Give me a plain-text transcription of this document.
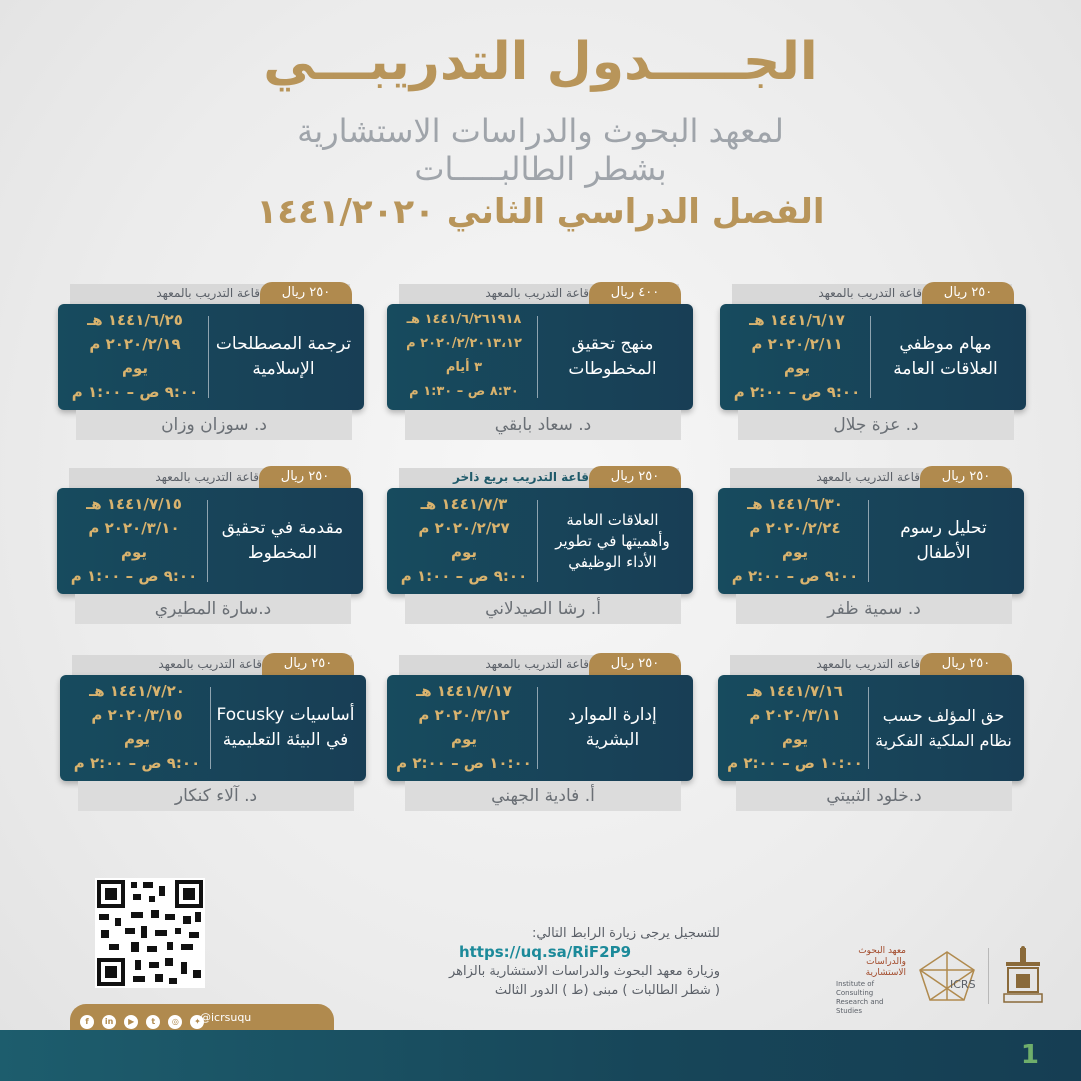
الجـــــدول التدريبـــي
لمعهد البحوث والدراسات الاستشارية
بشطر الطالبـــــات
الفصل الدراسي الثاني ١٤٤١/٢٠٢٠
قاعة التدريب بالمعهد	٢٥٠ ريال
مهام موظفي العلاقات العامة
١٤٤١/٦/١٧ هـ
٢٠٢٠/٢/١١ م
يوم
٩:٠٠ ص – ٢:٠٠ م
د. عزة جلال
قاعة التدريب بالمعهد	٤٠٠ ريال
منهج تحقيق المخطوطات
١٤٤١/٦/٢٦١٩١٨ هـ
٢٠٢٠/٢/٢٠١٣،١٢ م
٣ أيام
٨:٣٠ ص – ١:٣٠ م
د. سعاد بابقي
قاعة التدريب بالمعهد	٢٥٠ ريال
ترجمة المصطلحات الإسلامية
١٤٤١/٦/٢٥ هـ
٢٠٢٠/٢/١٩ م
يوم
٩:٠٠ ص – ١:٠٠ م
د. سوزان وزان
قاعة التدريب بالمعهد	٢٥٠ ريال
تحليل رسوم الأطفال
١٤٤١/٦/٣٠ هـ
٢٠٢٠/٢/٢٤ م
يوم
٩:٠٠ ص – ٢:٠٠ م
د. سمية ظفر
قاعة التدريب بريع ذاخر	٢٥٠ ريال
العلاقات العامة وأهميتها في تطوير الأداء الوظيفي
١٤٤١/٧/٣ هـ
٢٠٢٠/٢/٢٧ م
يوم
٩:٠٠ ص – ١:٠٠ م
أ. رشا الصيدلاني
قاعة التدريب بالمعهد	٢٥٠ ريال
مقدمة في تحقيق المخطوط
١٤٤١/٧/١٥ هـ
٢٠٢٠/٣/١٠ م
يوم
٩:٠٠ ص – ١:٠٠ م
د.سارة المطيري
قاعة التدريب بالمعهد	٢٥٠ ريال
حق المؤلف حسب نظام الملكية الفكرية
١٤٤١/٧/١٦ هـ
٢٠٢٠/٣/١١ م
يوم
١٠:٠٠ ص – ٢:٠٠ م
د.خلود الثبيتي
قاعة التدريب بالمعهد	٢٥٠ ريال
إدارة الموارد البشرية
١٤٤١/٧/١٧ هـ
٢٠٢٠/٣/١٢ م
يوم
١٠:٠٠ ص – ٢:٠٠ م
أ. فادية الجهني
قاعة التدريب بالمعهد	٢٥٠ ريال
أساسيات Focusky في البيئة التعليمية
١٤٤١/٧/٢٠ هـ
٢٠٢٠/٣/١٥ م
يوم
٩:٠٠ ص – ٢:٠٠ م
د. آلاء كنكار
للتسجيل يرجى زيارة الرابط التالي:
https://uq.sa/RiF2P9
وزيارة معهد البحوث والدراسات الاستشارية بالزاهر
( شطر الطالبات ) مبنى (ط ) الدور الثالث
معهد البحوث
والدراسات الاستشارية
Institute of Consulting
Research and Studies
ICRS
f in ▶ t ◎ ✦ @icrsuqu
1
